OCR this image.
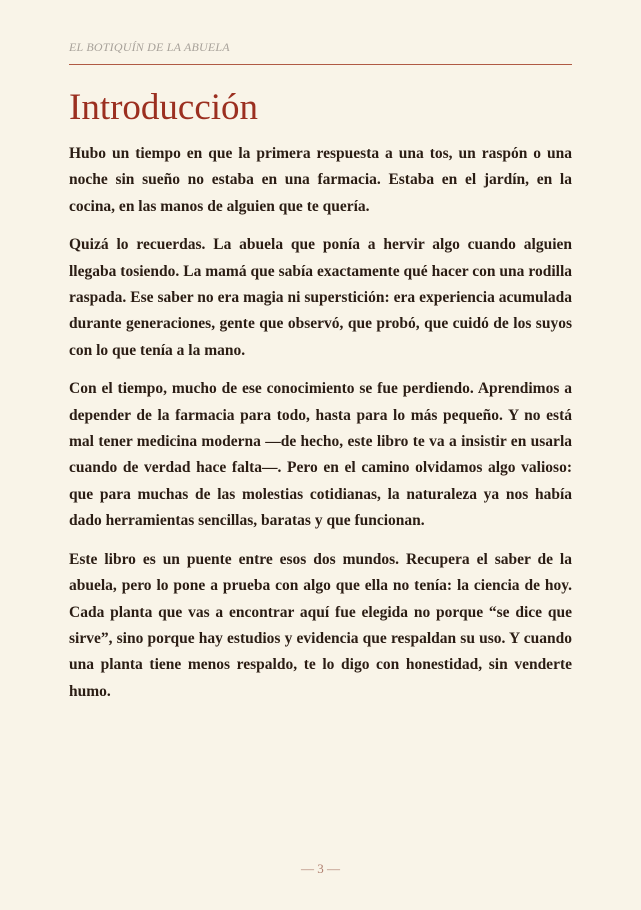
EL BOTIQUÍN DE LA ABUELA
Introducción

Hubo un tiempo en que la primera respuesta a una tos, un raspón o una noche sin sueño no estaba en una farmacia. Estaba en el jardín, en la cocina, en las manos de alguien que te quería.

Quizá lo recuerdas. La abuela que ponía a hervir algo cuando alguien llegaba tosiendo. La mamá que sabía exactamente qué hacer con una rodilla raspada. Ese saber no era magia ni superstición: era experiencia acumulada durante generaciones, gente que observó, que probó, que cuidó de los suyos con lo que tenía a la mano.

Con el tiempo, mucho de ese conocimiento se fue perdiendo. Aprendimos a depender de la farmacia para todo, hasta para lo más pequeño. Y no está mal tener medicina moderna —de hecho, este libro te va a insistir en usarla cuando de verdad hace falta—. Pero en el camino olvidamos algo valioso: que para muchas de las molestias cotidianas, la naturaleza ya nos había dado herramientas sencillas, baratas y que funcionan.

Este libro es un puente entre esos dos mundos. Recupera el saber de la abuela, pero lo pone a prueba con algo que ella no tenía: la ciencia de hoy. Cada planta que vas a encontrar aquí fue elegida no porque “se dice que sirve”, sino porque hay estudios y evidencia que respaldan su uso. Y cuando una planta tiene menos respaldo, te lo digo con honestidad, sin venderte humo.

— 3 —
